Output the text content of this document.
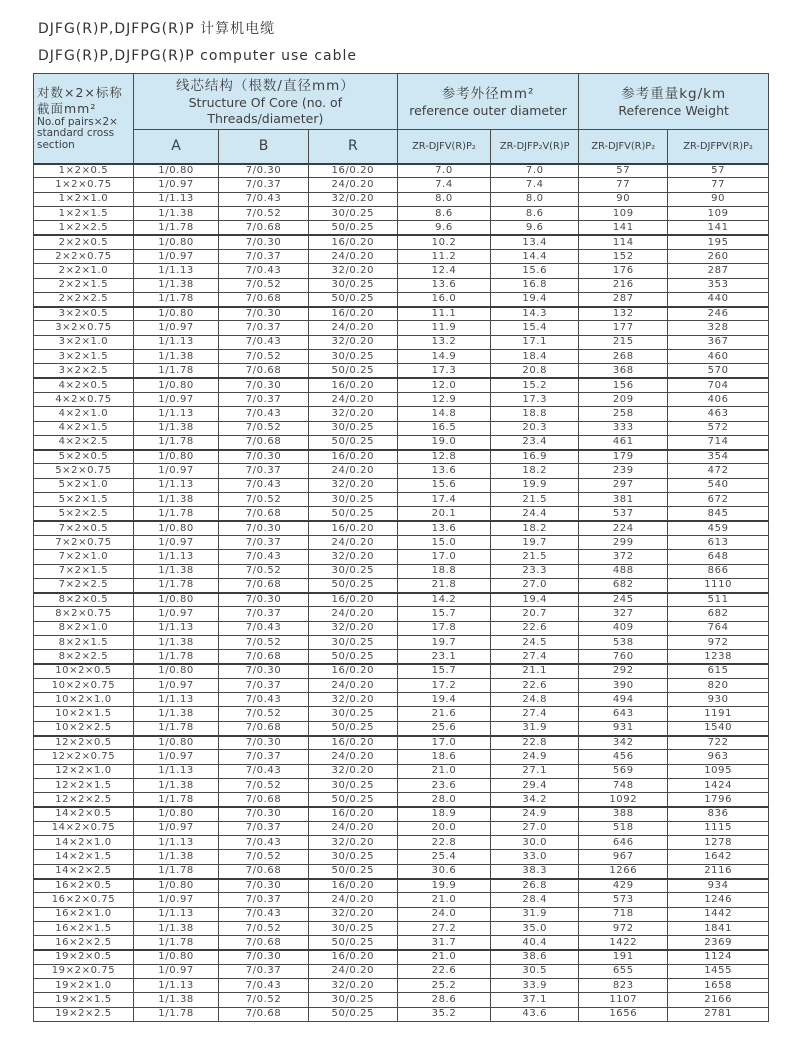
DJFG(R)P,DJFPG(R)P 计算机电缆
DJFG(R)P,DJFPG(R)P computer use cable
对数×2×标称截面mm²
No.of pairs×2× standard cross section

线芯结构（根数/直径mm）
Structure Of Core (no. of Threads/diameter)

参考外径mm²
reference outer diameter

参考重量kg/km
Reference Weight

	A	B	R	ZR-DJFV(R)P₂	ZR-DJFP₂V(R)P	ZR-DJFV(R)P₂	ZR-DJFPV(R)P₂
1×2×0.5	1/0.80	7/0.30	16/0.20	7.0	7.0	57	57
1×2×0.75	1/0.97	7/0.37	24/0.20	7.4	7.4	77	77
1×2×1.0	1/1.13	7/0.43	32/0.20	8.0	8.0	90	90
1×2×1.5	1/1.38	7/0.52	30/0.25	8.6	8.6	109	109
1×2×2.5	1/1.78	7/0.68	50/0.25	9.6	9.6	141	141
2×2×0.5	1/0.80	7/0.30	16/0.20	10.2	13.4	114	195
2×2×0.75	1/0.97	7/0.37	24/0.20	11.2	14.4	152	260
2×2×1.0	1/1.13	7/0.43	32/0.20	12.4	15.6	176	287
2×2×1.5	1/1.38	7/0.52	30/0.25	13.6	16.8	216	353
2×2×2.5	1/1.78	7/0.68	50/0.25	16.0	19.4	287	440
3×2×0.5	1/0.80	7/0.30	16/0.20	11.1	14.3	132	246
3×2×0.75	1/0.97	7/0.37	24/0.20	11.9	15.4	177	328
3×2×1.0	1/1.13	7/0.43	32/0.20	13.2	17.1	215	367
3×2×1.5	1/1.38	7/0.52	30/0.25	14.9	18.4	268	460
3×2×2.5	1/1.78	7/0.68	50/0.25	17.3	20.8	368	570
4×2×0.5	1/0.80	7/0.30	16/0.20	12.0	15.2	156	704
4×2×0.75	1/0.97	7/0.37	24/0.20	12.9	17.3	209	406
4×2×1.0	1/1.13	7/0.43	32/0.20	14.8	18.8	258	463
4×2×1.5	1/1.38	7/0.52	30/0.25	16.5	20.3	333	572
4×2×2.5	1/1.78	7/0.68	50/0.25	19.0	23.4	461	714
5×2×0.5	1/0.80	7/0.30	16/0.20	12.8	16.9	179	354
5×2×0.75	1/0.97	7/0.37	24/0.20	13.6	18.2	239	472
5×2×1.0	1/1.13	7/0.43	32/0.20	15.6	19.9	297	540
5×2×1.5	1/1.38	7/0.52	30/0.25	17.4	21.5	381	672
5×2×2.5	1/1.78	7/0.68	50/0.25	20.1	24.4	537	845
7×2×0.5	1/0.80	7/0.30	16/0.20	13.6	18.2	224	459
7×2×0.75	1/0.97	7/0.37	24/0.20	15.0	19.7	299	613
7×2×1.0	1/1.13	7/0.43	32/0.20	17.0	21.5	372	648
7×2×1.5	1/1.38	7/0.52	30/0.25	18.8	23.3	488	866
7×2×2.5	1/1.78	7/0.68	50/0.25	21.8	27.0	682	1110
8×2×0.5	1/0.80	7/0.30	16/0.20	14.2	19.4	245	511
8×2×0.75	1/0.97	7/0.37	24/0.20	15.7	20.7	327	682
8×2×1.0	1/1.13	7/0.43	32/0.20	17.8	22.6	409	764
8×2×1.5	1/1.38	7/0.52	30/0.25	19.7	24.5	538	972
8×2×2.5	1/1.78	7/0.68	50/0.25	23.1	27.4	760	1238
10×2×0.5	1/0.80	7/0.30	16/0.20	15.7	21.1	292	615
10×2×0.75	1/0.97	7/0.37	24/0.20	17.2	22.6	390	820
10×2×1.0	1/1.13	7/0.43	32/0.20	19.4	24.8	494	930
10×2×1.5	1/1.38	7/0.52	30/0.25	21.6	27.4	643	1191
10×2×2.5	1/1.78	7/0.68	50/0.25	25.6	31.9	931	1540
12×2×0.5	1/0.80	7/0.30	16/0.20	17.0	22.8	342	722
12×2×0.75	1/0.97	7/0.37	24/0.20	18.6	24.9	456	963
12×2×1.0	1/1.13	7/0.43	32/0.20	21.0	27.1	569	1095
12×2×1.5	1/1.38	7/0.52	30/0.25	23.6	29.4	748	1424
12×2×2.5	1/1.78	7/0.68	50/0.25	28.0	34.2	1092	1796
14×2×0.5	1/0.80	7/0.30	16/0.20	18.9	24.9	388	836
14×2×0.75	1/0.97	7/0.37	24/0.20	20.0	27.0	518	1115
14×2×1.0	1/1.13	7/0.43	32/0.20	22.8	30.0	646	1278
14×2×1.5	1/1.38	7/0.52	30/0.25	25.4	33.0	967	1642
14×2×2.5	1/1.78	7/0.68	50/0.25	30.6	38.3	1266	2116
16×2×0.5	1/0.80	7/0.30	16/0.20	19.9	26.8	429	934
16×2×0.75	1/0.97	7/0.37	24/0.20	21.0	28.4	573	1246
16×2×1.0	1/1.13	7/0.43	32/0.20	24.0	31.9	718	1442
16×2×1.5	1/1.38	7/0.52	30/0.25	27.2	35.0	972	1841
16×2×2.5	1/1.78	7/0.68	50/0.25	31.7	40.4	1422	2369
19×2×0.5	1/0.80	7/0.30	16/0.20	21.0	38.6	191	1124
19×2×0.75	1/0.97	7/0.37	24/0.20	22.6	30.5	655	1455
19×2×1.0	1/1.13	7/0.43	32/0.20	25.2	33.9	823	1658
19×2×1.5	1/1.38	7/0.52	30/0.25	28.6	37.1	1107	2166
19×2×2.5	1/1.78	7/0.68	50/0.25	35.2	43.6	1656	2781
